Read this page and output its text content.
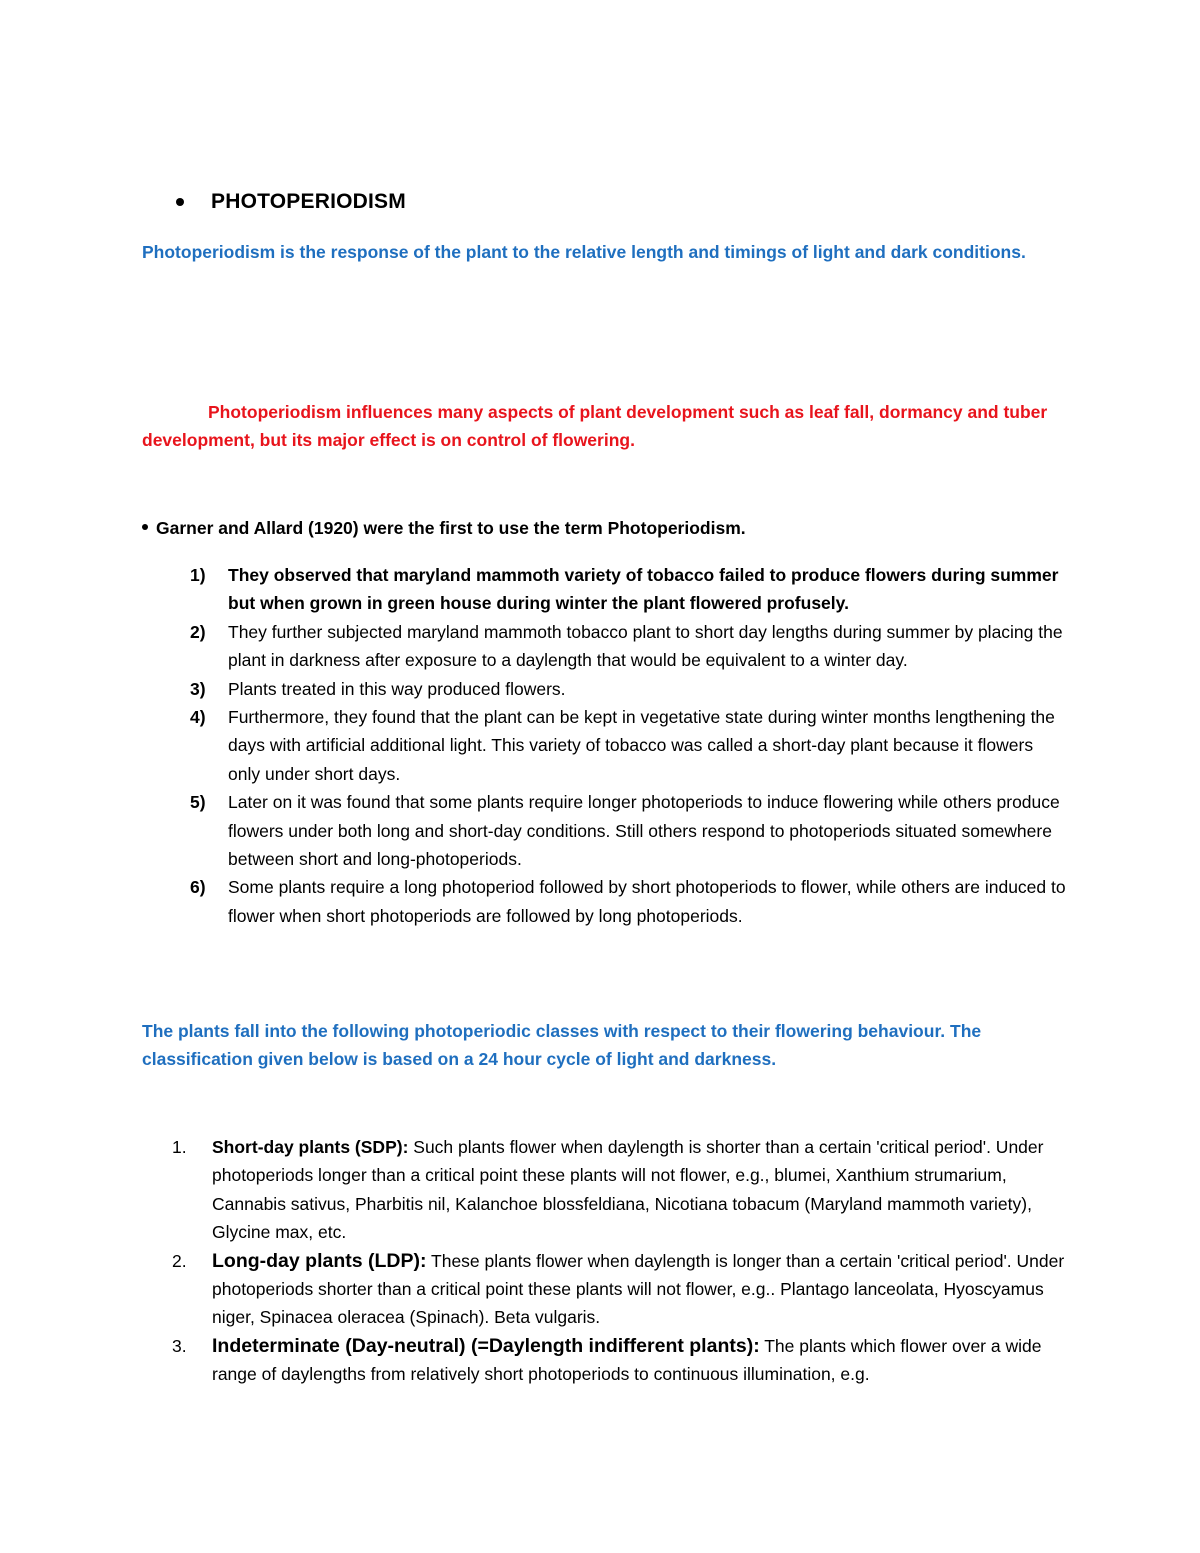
PHOTOPERIODISM
Photoperiodism is the response of the plant to the relative length and timings of light and dark conditions.
Photoperiodism influences many aspects of plant development such as leaf fall, dormancy and tuber development, but its major effect is on control of flowering.
Garner and Allard (1920) were the first to use the term Photoperiodism.
1) They observed that maryland mammoth variety of tobacco failed to produce flowers during summer but when grown in green house during winter the plant flowered profusely.
2) They further subjected maryland mammoth tobacco plant to short day lengths during summer by placing the plant in darkness after exposure to a daylength that would be equivalent to a winter day.
3) Plants treated in this way produced flowers.
4) Furthermore, they found that the plant can be kept in vegetative state during winter months lengthening the days with artificial additional light. This variety of tobacco was called a short-day plant because it flowers only under short days.
5) Later on it was found that some plants require longer photoperiods to induce flowering while others produce flowers under both long and short-day conditions. Still others respond to photoperiods situated somewhere between short and long-photoperiods.
6) Some plants require a long photoperiod followed by short photoperiods to flower, while others are induced to flower when short photoperiods are followed by long photoperiods.
The plants fall into the following photoperiodic classes with respect to their flowering behaviour. The classification given below is based on a 24 hour cycle of light and darkness.
1. Short-day plants (SDP): Such plants flower when daylength is shorter than a certain 'critical period'. Under photoperiods longer than a critical point these plants will not flower, e.g., blumei, Xanthium strumarium, Cannabis sativus, Pharbitis nil, Kalanchoe blossfeldiana, Nicotiana tobacum (Maryland mammoth variety), Glycine max, etc.
2. Long-day plants (LDP): These plants flower when daylength is longer than a certain 'critical period'. Under photoperiods shorter than a critical point these plants will not flower, e.g.. Plantago lanceolata, Hyoscyamus niger, Spinacea oleracea (Spinach). Beta vulgaris.
3. Indeterminate (Day-neutral) (=Daylength indifferent plants): The plants which flower over a wide range of daylengths from relatively short photoperiods to continuous illumination, e.g.
